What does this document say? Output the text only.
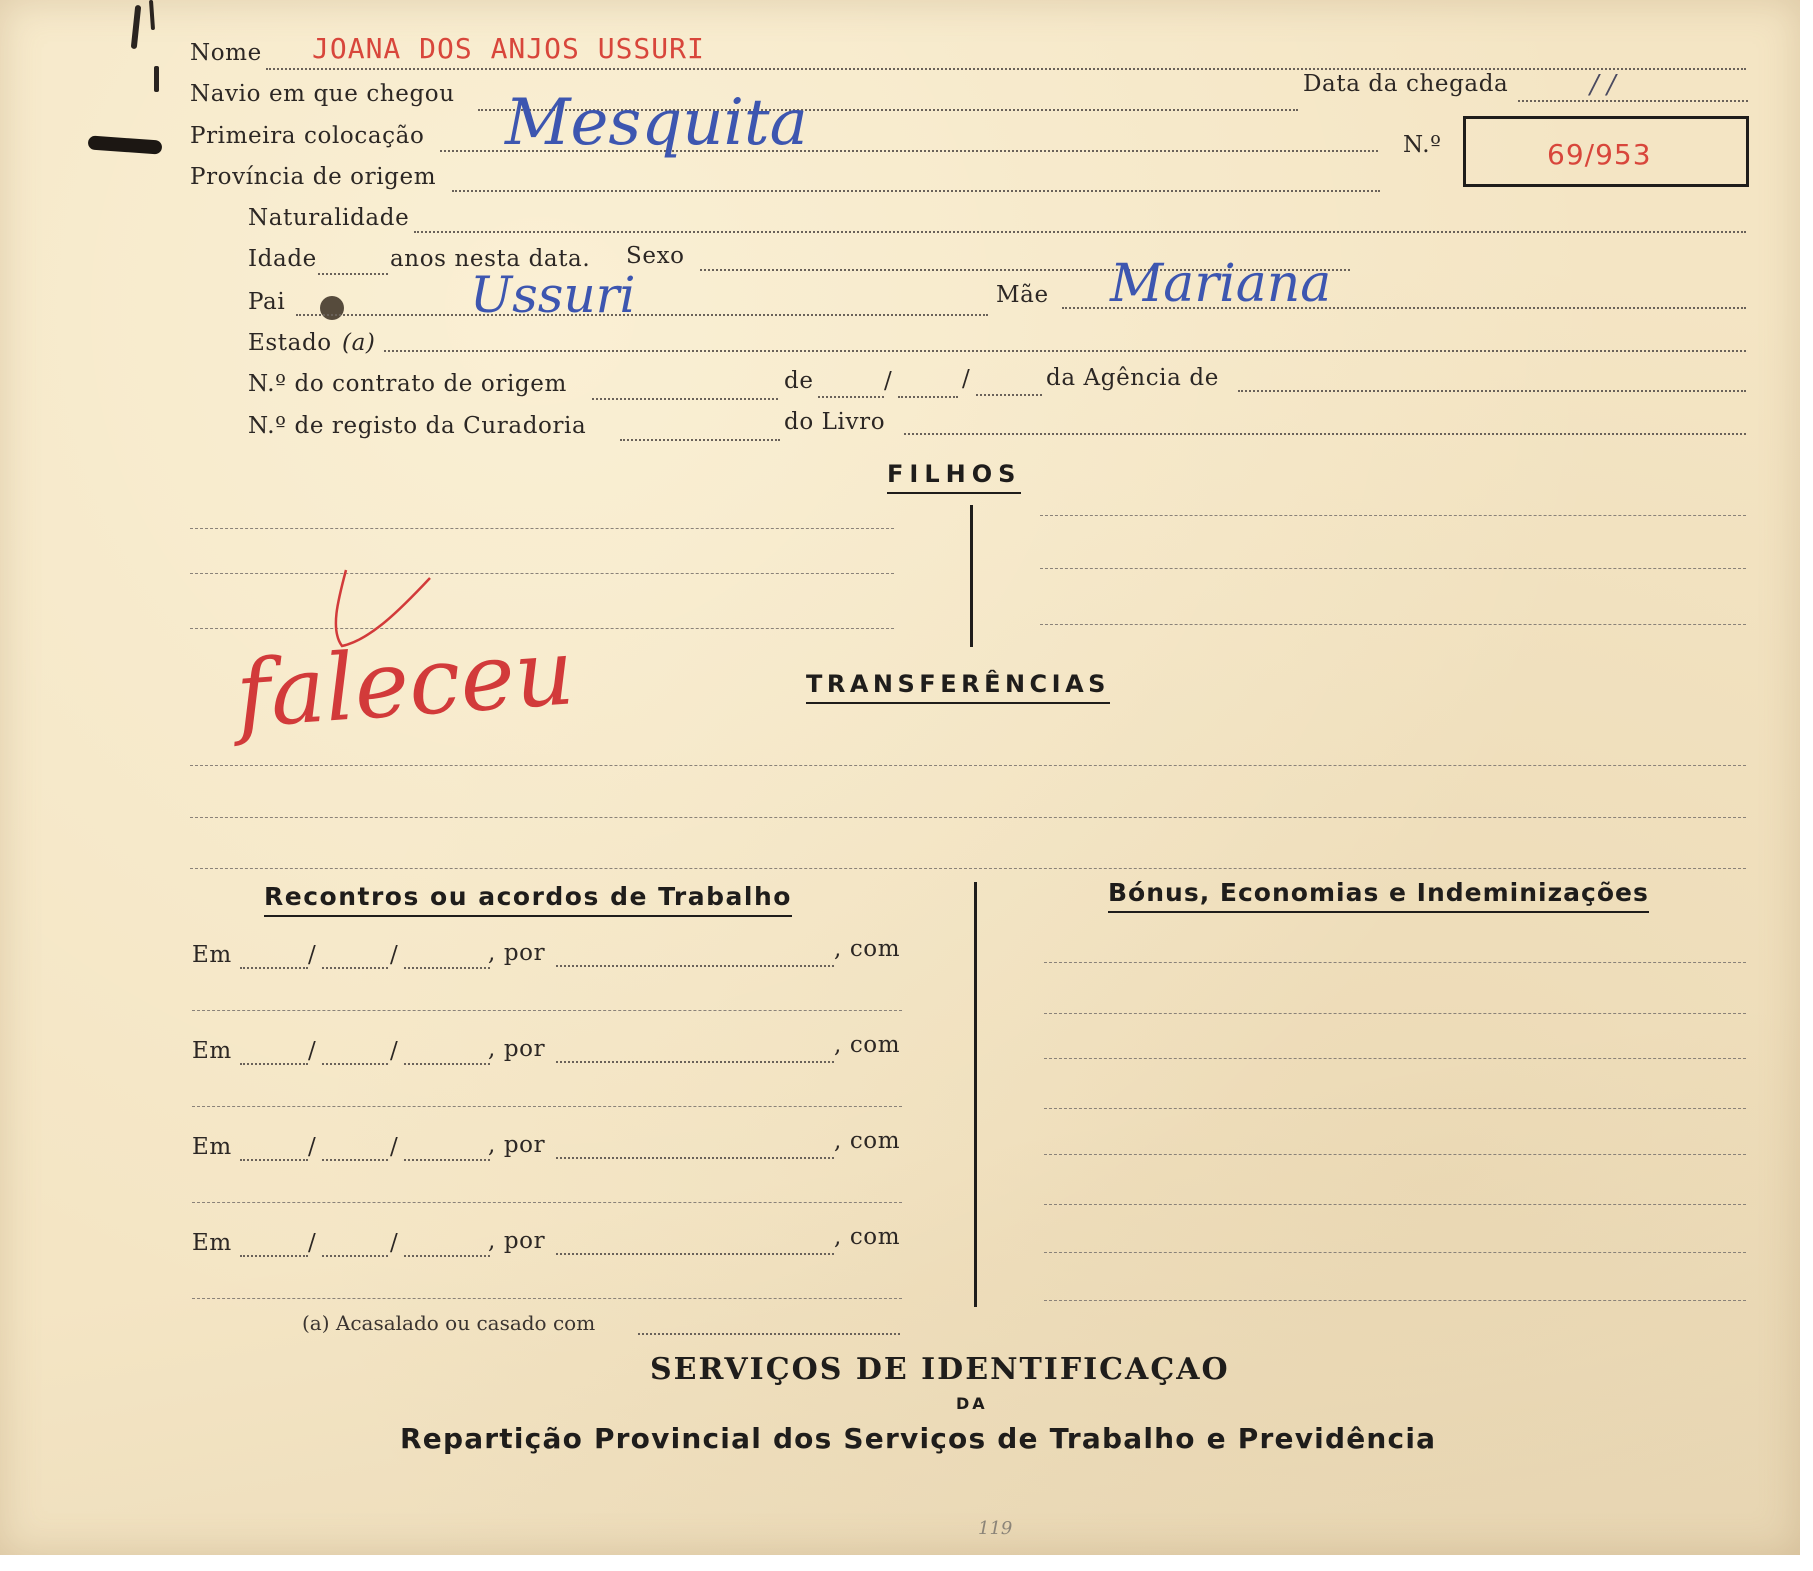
Nome JOANA DOS ANJOS USSURI
Navio em que chegou	Data da chegada	/ /
Primeira colocação Mesquita	N.º	69/953
Província de origem
Naturalidade
Idade	anos nesta data. Sexo
Pai	Ussuri	Mãe Mariana
Estado (a)
N.º do contrato de origem	de	/	/	da Agência de
N.º de registo da Curadoria	do Livro
FILHOS
faleceu	TRANSFERÊNCIAS
Recontros ou acordos de Trabalho	Bónus, Economias e Indeminizações
Em	/	/	, por	, com
Em	/	/	, por	, com
Em	/	/	, por	, com
Em	/	/	, por	, com
(a) Acasalado ou casado com
SERVIÇOS DE IDENTIFICAÇAO
DA
Repartição Provincial dos Serviços de Trabalho e Previdência
119
